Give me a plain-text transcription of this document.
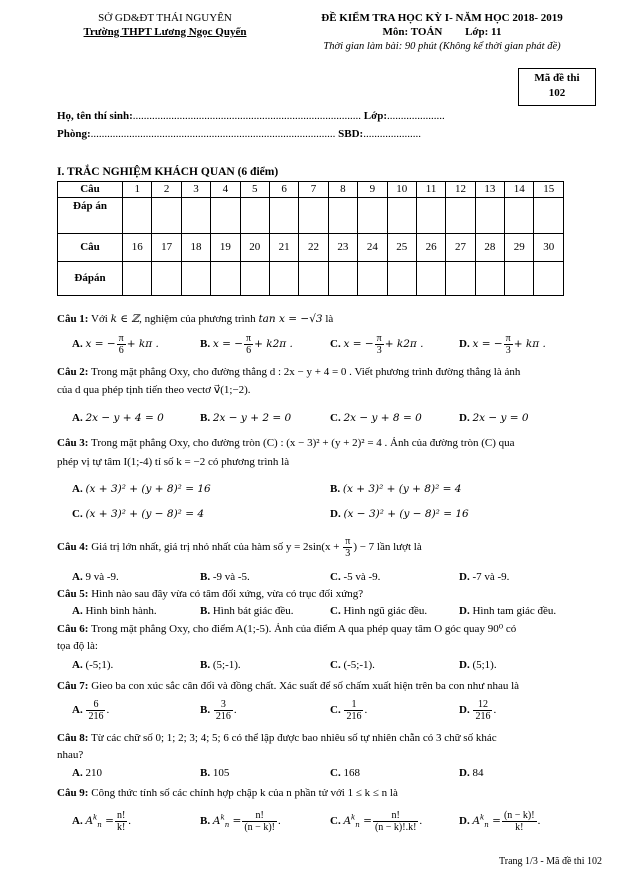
SỞ GD&ĐT THÁI NGUYÊN
Trường THPT Lương Ngọc Quyến
ĐỀ KIỂM TRA HỌC KỲ I- NĂM HỌC 2018- 2019
Môn: TOÁN Lớp: 11
Thời gian làm bài: 90 phút (Không kể thời gian phát đề)
Mã đề thi
102
Họ, tên thí sinh:................................................................................... Lớp:.....................
Phòng:......................................................................................... SBD:.....................
I. TRẮC NGHIỆM KHÁCH QUAN (6 điểm)
Câu	1	2	3	4	5	6	7	8	9	10	11	12	13	14	15
Đáp án															
Câu	16	17	18	19	20	21	22	23	24	25	26	27	28	29	30
Đápán															
Câu 1: Với k ∈ ℤ, nghiệm của phương trình tan x = −√3 là
A. x = − $\frac{\pi}{6} + k\pi$ .	B. x = − $\frac{\pi}{6} + k2\pi$ .	C. x = − $\frac{\pi}{3} + k2\pi$ .	D. x = − $\frac{\pi}{3} + k\pi$ .
Câu 2: Trong mặt phẳng Oxy, cho đường thẳng d : 2x − y + 4 = 0 . Viết phương trình đường thẳng là ảnh
của d qua phép tịnh tiến theo vectơ v⃗(1;−2).
A. 2x − y + 4 = 0	B. 2x − y + 2 = 0	C. 2x − y + 8 = 0	D. 2x − y = 0
Câu 3: Trong mặt phẳng Oxy, cho đường tròn (C) : (x − 3)² + (y + 2)² = 4 . Ảnh của đường tròn (C) qua
phép vị tự tâm I(1;-4) tỉ số k = −2 có phương trình là
A. (x + 3)² + (y + 8)² = 16	B. (x + 3)² + (y + 8)² = 4
C. (x + 3)² + (y − 8)² = 4	D. (x − 3)² + (y − 8)² = 16
Câu 4: Giá trị lớn nhất, giá trị nhỏ nhất của hàm số $y = 2\sin(x + \frac{\pi}{3}$ ) − 7 lần lượt là
A. 9 và -9.	B. -9 và -5.	C. -5 và -9.	D. -7 và -9.
Câu 5: Hình nào sau đây vừa có tâm đối xứng, vừa có trục đối xứng?
A. Hình bình hành.	B. Hình bát giác đều.	C. Hình ngũ giác đều.	D. Hình tam giác đều.
Câu 6: Trong mặt phẳng Oxy, cho điểm A(1;-5). Ảnh của điểm A qua phép quay tâm O góc quay 90⁰ có
tọa độ là:
A. (-5;1).	B. (5;-1).	C. (-5;-1).	D. (5;1).
Câu 7: Gieo ba con xúc sắc cân đối và đồng chất. Xác suất để số chấm xuất hiện trên ba con như nhau là
A. $\frac{6}{216}$ .	B. $\frac{3}{216}$ .	C. $\frac{1}{216}$ .	D. $\frac{12}{216}$ .
Câu 8: Từ các chữ số 0; 1; 2; 3; 4; 5; 6 có thể lập được bao nhiêu số tự nhiên chẵn có 3 chữ số khác
nhau?
A. 210	B. 105	C. 168	D. 84
Câu 9: Công thức tính số các chỉnh hợp chập k của n phần tử với 1 ≤ k ≤ n là
A. $A^k_n = \frac{n!}{k!}$ .	B. $A^k_n = \frac{n!}{(n - k)!}$ .	C. $A^k_n = \frac{n!}{(n - k)!.k!}$ .	D. $A^k_n = \frac{(n - k)!}{k!}$ .
Trang 1/3 - Mã đề thi 102
